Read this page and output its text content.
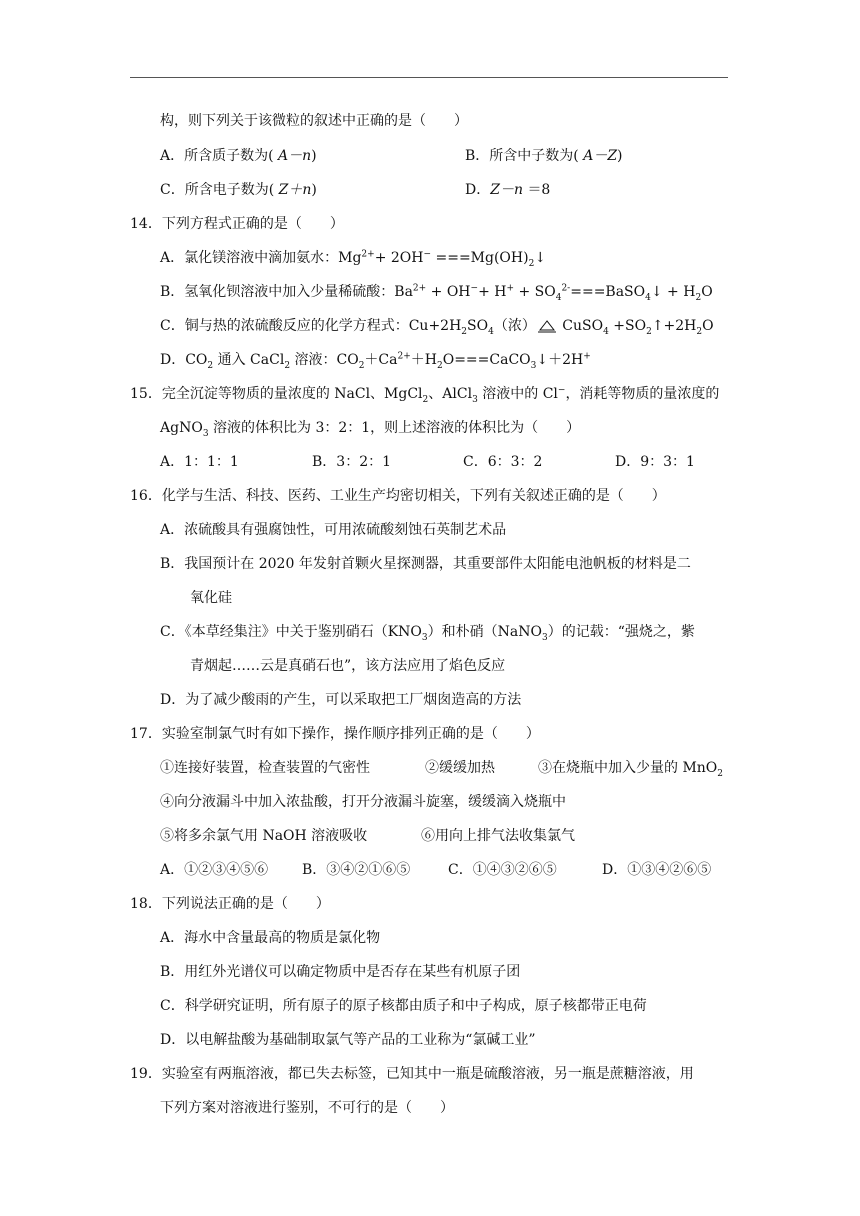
构，则下列关于该微粒的叙述中正确的是（　　）
A．所含质子数为( A－n)	B．所含中子数为( A－Z)
C．所含电子数为( Z＋n)	D．Z－n ＝8
14．下列方程式正确的是（　　）
A．氯化镁溶液中滴加氨水：$Mg^{2+}+ 2OH^-$ $===Mg(OH)_2↓$
B．氢氧化钡溶液中加入少量稀硫酸：$Ba^{2+} + OH^-+ H^+$ + $SO_4^{2-}===BaSO_4↓ + H_2O$
C．铜与热的浓硫酸反应的化学方程式：$Cu+2H_2SO_4$（浓）
CuSO$_4$ $+SO_2↑+2H_2O$
D．$CO_2$ 通入 CaCl$_2$ 溶液：$CO_2+Ca^{2+}+H_2O===CaCO_3↓+2H^+$
15．完全沉淀等物质的量浓度的 NaCl、MgCl$_2$、AlCl$_3$ 溶液中的 Cl−，消耗等物质的量浓度的
AgNO$_3$ 溶液的体积比为 3：2：1，则上述溶液的体积比为（　　）
A．1：1：1	B．3：2：1	C．6：3：2	D．9：3：1
16．化学与生活、科技、医药、工业生产均密切相关，下列有关叙述正确的是（　　）
A．浓硫酸具有强腐蚀性，可用浓硫酸刻蚀石英制艺术品
B．我国预计在 2020 年发射首颗火星探测器，其重要部件太阳能电池帆板的材料是二
氧化硅
C．《本草经集注》中关于鉴别硝石$(KNO_3)$和朴硝（NaNO$_3$）的记载：“强烧之，紫
青烟起……云是真硝石也”，该方法应用了焰色反应
D．为了减少酸雨的产生，可以采取把工厂烟囱造高的方法
17．实验室制氯气时有如下操作，操作顺序排列正确的是（　　）
①连接好装置，检查装置的气密性	②缓缓加热	③在烧瓶中加入少量的 MnO$_2$
④向分液漏斗中加入浓盐酸，打开分液漏斗旋塞，缓缓滴入烧瓶中
⑤将多余氯气用 NaOH 溶液吸收	⑥用向上排气法收集氯气
A．①②③④⑤⑥ B．③④②①⑥⑤	C．①④③②⑥⑤	D．①③④②⑥⑤
18．下列说法正确的是（　　）
A．海水中含量最高的物质是氯化物
B．用红外光谱仪可以确定物质中是否存在某些有机原子团
C．科学研究证明，所有原子的原子核都由质子和中子构成，原子核都带正电荷
D．以电解盐酸为基础制取氯气等产品的工业称为“氯碱工业”
19．实验室有两瓶溶液，都已失去标签，已知其中一瓶是硫酸溶液，另一瓶是蔗糖溶液，用
下列方案对溶液进行鉴别，不可行的是（　　）
